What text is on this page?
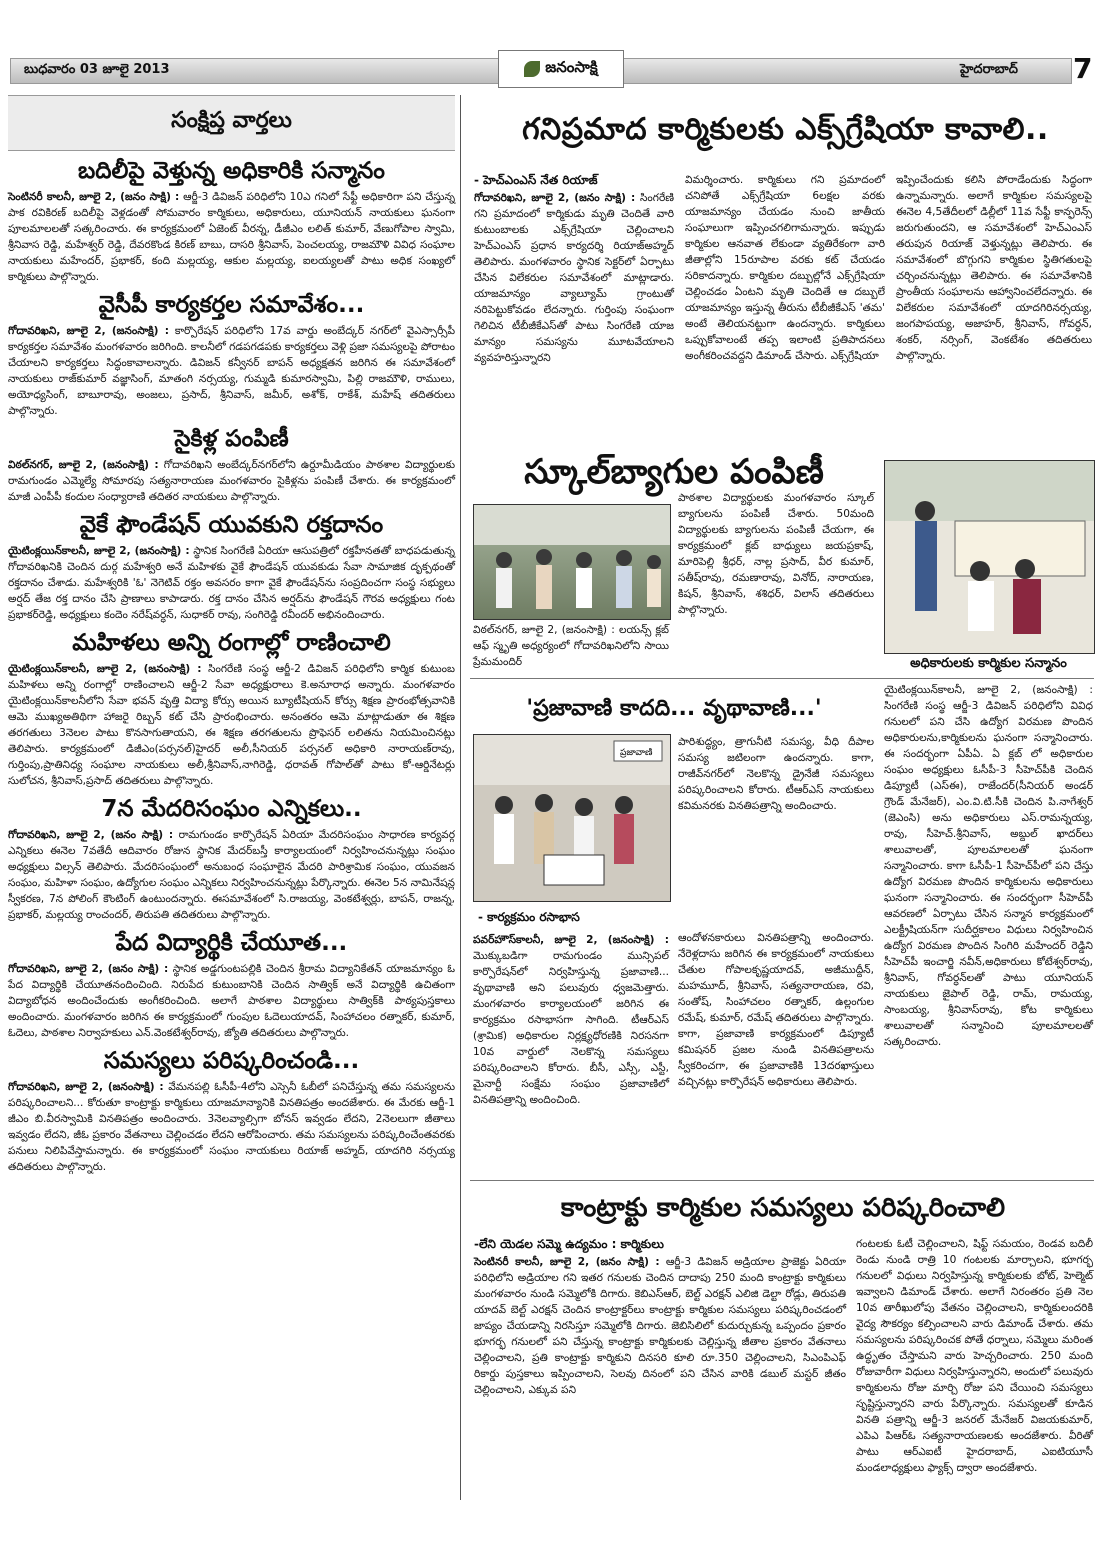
బుధవారం 03 జూలై 2013	జనంసాక్షి	హైదరాబాద్ 7
సంక్షిప్త వార్తలు
బదిలీపై వెళ్తున్న అధికారికి సన్మానం
సెంటినరీ కాలనీ, జూలై 2, (జనం సాక్షి) : ఆర్జీ-3 డివిజన్ పరిధిలోని 10ఎ గనిలో సేఫ్టీ అధికారిగా పని చేస్తున్న పాక రవికిరణ్ బదిలీపై వెళ్లడంతో సోమవారం కార్మికులు, అధికారులు, యూనియన్ నాయకులు ఘనంగా పూలమాలలతో సత్కరించారు. ఈ కార్యక్రమంలో ఏజెంట్ వీరన్న, డీజీఎం లలిత్ కుమార్, వేణుగోపాల స్వామి, శ్రీనివాస రెడ్డి, మహేశ్వర్ రెడ్డి, దేవరకొండ కిరణ్ బాబు, దాసరి శ్రీనివాస్, పెంచలయ్య, రాజమౌళి వివిధ సంఘాల నాయకులు మహేందర్, ప్రభాకర్, కంది మల్లయ్య, ఆకుల మల్లయ్య, ఐలయ్యలతో పాటు అధిక సంఖ్యలో కార్మికులు పాల్గొన్నారు.
వైసీపీ కార్యకర్తల సమావేశం...
గోదావరిఖని, జూలై 2, (జనంసాక్షి) : కార్పొరేషన్ పరిధిలోని 17వ వార్డు అంబేద్కర్ నగర్‌లో వైఎస్సార్సీపీ కార్యకర్తల సమావేశం మంగళవారం జరిగింది. కాలనీలో గడపగడపకు కార్యకర్తలు వెళ్లి ప్రజా సమస్యలపై పోరాటం చేయాలని కార్యకర్తలు సిద్ధంకావాలన్నారు. డివిజన్ కన్వీనర్ బాపన్ అధ్యక్షతన జరిగిన ఈ సమావేశంలో నాయకులు రాజ్‌కుమార్ వజ్ఞాసింగ్, మాతంగి నర్సయ్య, గుమ్మడి కుమారస్వామి, పిల్లి రాజమౌళి, రాములు, అయోధ్యసింగ్, బాబూరావు, అంజలు, ప్రసాద్, శ్రీనివాస్, జమీర్, అశోక్, రాకేశ్, మహేష్ తదితరులు పాల్గొన్నారు.
సైకిళ్ల పంపిణీ
విఠల్‌నగర్, జూలై 2, (జనంసాక్షి) : గోదావరిఖని అంబేద్కర్‌నగర్‌లోని ఉర్దూమీడియం పాఠశాల విద్యార్థులకు రామగుండం ఎమ్మెల్యే సోమారపు సత్యనారాయణ మంగళవారం సైకిళ్లను పంపిణీ చేశారు. ఈ కార్యక్రమంలో మాజీ ఎంపీపీ కందుల సంధ్యారాణి తదితర నాయకులు పాల్గొన్నారు.
వైకే ఫౌండేషన్ యువకుని రక్తదానం
యైటింక్లయిన్‌కాలనీ, జూలై 2, (జనంసాక్షి) : స్థానిక సింగరేణి ఏరియా ఆసుపత్రిలో రక్తహీనతతో బాధపడుతున్న గోదావరిఖనికి చెందిన దుర్గ మహేశ్వరి అనే మహిళకు వైకే ఫౌండేషన్ యువకుడు సేవా సామాజిక దృక్పథంతో రక్తదానం చేశాడు. మహేశ్వరికి 'ఓ' నెగెటివ్ రక్తం అవసరం కాగా వైకే ఫౌండేషన్‌ను సంప్రదించగా సంస్థ సభ్యులు అర్షద్ తేజ రక్త దానం చేసి ప్రాణాలు కాపాడారు. రక్త దానం చేసిన అర్షద్‌ను ఫౌండేషన్ గౌరవ అధ్యక్షులు గంట ప్రభాకర్‌రెడ్డి, అధ్యక్షులు కందెం నరేష్‌వర్ధన్, సుధాకర్ రావు, సంగిరెడ్డి రవీందర్ అభినందించారు.
మహిళలు అన్ని రంగాల్లో రాణించాలి
యైటింక్లయిన్‌కాలనీ, జూలై 2, (జనంసాక్షి) : సింగరేణి సంస్థ ఆర్జీ-2 డివిజన్ పరిధిలోని కార్మిక కుటుంబ మహిళలు అన్ని రంగాల్లో రాణించాలని ఆర్జీ-2 సేవా అధ్యక్షురాలు కె.అనూరాధ అన్నారు. మంగళవారం యైటింక్లయిన్‌కాలనీలోని సేవా భవన్ వృత్తి విద్యా కోర్సు అయిన బ్యూటీషియన్ కోర్సు శిక్షణ ప్రారంభోత్సవానికి ఆమె ముఖ్యఅతిథిగా హాజరై రిబ్బన్ కట్ చేసి ప్రారంభించారు. అనంతరం ఆమె మాట్లాడుతూ ఈ శిక్షణ తరగతులు 3నెలల పాటు కొనసాగుతాయని, ఈ శిక్షణ తరగతులను ప్రొఫెసర్ లలితను నియమించినట్లు తెలిపారు. కార్యక్రమంలో డిజీఎం(పర్సనల్)హైదర్ అలీ,సీనియర్ పర్సనల్ అధికారి నారాయణ్‌రావు, గుర్తింపు,ప్రాతినిధ్య సంఘాల నాయకులు అలీ,శ్రీనివాస్,నాగిరెడ్డి, ధరావత్ గోపాల్‌తో పాటు కో-ఆర్డినేటర్లు సులోచన, శ్రీనివాస్,ప్రసాద్ తదితరులు పాల్గొన్నారు.
7న మేదరిసంఘం ఎన్నికలు..
గోదావరిఖని, జూలై 2, (జనం సాక్షి) : రామగుండం కార్పొరేషన్ ఏరియా మేదరిసంఘం సాధారణ కార్యవర్గ ఎన్నికలు ఈనెల 7వతేదీ ఆదివారం రోజున స్థానిక మేదర్‌బస్తీ కార్యాలయంలో నిర్వహించనున్నట్లు సంఘం అధ్యక్షులు విల్సన్ తెలిపారు. మేదరిసంఘంలో అనుబంధ సంఘాలైన మేదరి పారిశ్రామిక సంఘం, యువజన సంఘం, మహిళా సంఘం, ఉద్యోగుల సంఘం ఎన్నికలు నిర్వహించనున్నట్లు పేర్కొన్నారు. ఈనెల 5న నామినేషన్ల స్వీకరణ, 7న పోలింగ్ కౌంటింగ్ ఉంటుందన్నారు. ఈసమావేశంలో సి.రాజయ్య, వెంకటేశ్వర్లు, బాపన్, రాజన్న, ప్రభాకర్, మల్లయ్య రాంచందర్, తిరుపతి తదితరులు పాల్గొన్నారు.
పేద విద్యార్థికి చేయూత...
గోదావరిఖని, జూలై 2, (జనం సాక్షి) : స్థానిక అడ్డగుంటపల్లికి చెందిన శ్రీరామ విద్యానికేతన్ యాజమాన్యం ఓ పేద విద్యార్థికి చేయూతనందించింది. నిరుపేద కుటుంబానికి చెందిన సాత్విక్ అనే విద్యార్థికి ఉచితంగా విద్యాబోధన అందించేందుకు అంగీకరించింది. అలాగే పాఠశాల విద్యార్థులు సాత్విక్‌కి పాఠ్యపుస్తకాలు అందించారు. మంగళవారం జరిగిన ఈ కార్యక్రమంలో గుంపుల ఓదెలుయాదవ్, సింహాచలం రత్నాకర్, కుమార్, ఓదెలు, పాఠశాల నిర్వాహకులు ఎన్.వెంకటేశ్వర్‌రావు, జ్యోతి తదితరులు పాల్గొన్నారు.
సమస్యలు పరిష్కరించండి...
గోదావరిఖని, జూలై 2, (జనంసాక్షి) : వేమనపల్లి ఓసీపీ-4లోని ఎస్సెనీ ఓబీలో పనిచేస్తున్న తమ సమస్యలను పరిష్కరించాలని... కోరుతూ కాంట్రాక్టు కార్మికులు యాజమాన్యానికి వినతిపత్రం అందజేశారు. ఈ మేరకు ఆర్జీ-1 జీఎం బి.వీరస్వామికి వినతిపత్రం అందించారు. 3నెలవ్యాల్సిగా బోనస్ ఇవ్వడం లేదని, 2నెలలుగా జీతాలు ఇవ్వడం లేదని, జీఓ ప్రకారం వేతనాలు చెల్లించడం లేదని ఆరోపించారు. తమ సమస్యలను పరిష్కరించేంతవరకు పనులు నిలిపివేస్తామన్నారు. ఈ కార్యక్రమంలో సంఘం నాయకులు రియాజ్ అహ్మద్, యాదగిరి నర్సయ్య తదితరులు పాల్గొన్నారు.
గనిప్రమాద కార్మికులకు ఎక్స్‌గ్రేషియా కావాలి..
- హెచ్ఎంఎస్ నేత రియాజ్
గోదావరిఖని, జూలై 2, (జనం సాక్షి) : సింగరేణి గని ప్రమాదంలో కార్మికుడు మృతి చెందితే వారి కుటుంబాలకు ఎక్స్‌గ్రేషియా చెల్లించాలని హెచ్ఎంఎస్ ప్రధాన కార్యదర్శి రియాజ్‌అహ్మద్ తెలిపారు. మంగళవారం స్థానిక సెక్టర్‌లో ఏర్పాటు చేసిన విలేకరుల సమావేశంలో మాట్లాడారు. యాజమాన్యం వ్యాల్యూమ్ గ్రాంటుతో నరిపెట్టుకోవడం లేదన్నారు. గుర్తింపు సంఘంగా గెలిచిన టీబీజీకేఎస్‌తో పాటు సింగరేణి యాజ మాన్యం సమస్యను మూటవేయాలని వ్యవహరిస్తున్నారని
విమర్శించారు. కార్మికులు గని ప్రమాదంలో చనిపోతే ఎక్స్‌గ్రేషియా 6లక్షల వరకు యాజమాన్యం చేయడం నుంచి జాతీయ సంఘాలుగా ఇప్పించగలిగామన్నారు. ఇప్పుడు కార్మికుల ఆనవాత లేకుండా వ్యతిరేకంగా వారి జీతాల్లోని 15రూపాల వరకు కట్ చేయడం సరికాదన్నారు. కార్మికుల దబ్బుల్లోనే ఎక్స్‌గ్రేషియా చెల్లించడం ఏంటని మృతి చెందితే ఆ దబ్బులే యాజమాన్యం ఇస్తున్న తీరును టీబీజీకేఎస్ 'తమ' అంటే తెలియనట్టుగా ఉందన్నారు. కార్మికులు ఒప్పుకోవాలంటే తప్ప ఇలాంటి ప్రతిపాదనలు అంగీకరించవద్దని డిమాండ్ చేసారు. ఎక్స్‌గ్రేషియా
ఇప్పించేందుకు కలిసి పోరాడేందుకు సిద్ధంగా ఉన్నామన్నారు. అలాగే కార్మికుల సమస్యలపై ఈనెల 4,5తేదీలలో డిల్లీలో 11వ సేఫ్టీ కాన్ఫరెన్స్ జరుగుతుందని, ఆ సమావేశంలో హెచ్ఎంఎస్ తరుపున రియాజ్ వెళ్తున్నట్లు తెలిపారు. ఈ సమావేశంలో బొగ్గుగని కార్మికుల స్థితిగతులపై చర్చించనున్నట్లు తెలిపారు. ఈ సమావేశానికి ప్రాంతీయ సంఘాలను ఆహ్వానించలేదన్నారు. ఈ విలేకరుల సమావేశంలో యాదగిరినర్సయ్య, జంగపాపయ్య, అజాహర్, శ్రీనివాస్, గోవర్ధన్, శంకర్, నర్సింగ్, వెంకటేశం తదితరులు పాల్గొన్నారు.
స్కూల్‌బ్యాగుల పంపిణీ
విఠల్‌నగర్, జూలై 2, (జనంసాక్షి) : లయన్స్ క్లబ్ ఆఫ్ స్మృతి అధ్యర్యంలో గోదావరిఖనిలోని సాయి ప్రేమమందిర్
పాఠశాల విద్యార్థులకు మంగళవారం స్కూల్ బ్యాగులను పంపిణీ చేశారు. 50మంది విద్యార్థులకు బ్యాగులను పంపిణీ చేయగా, ఈ కార్యక్రమంలో క్లబ్ బాధ్యులు జయప్రకాష్, మారిపెల్లి శ్రీధర్, నాల్ల ప్రసాద్, వీర కుమార్, సతీష్‌రావు, రమణారావు, వినోద్, నారాయణ, కిషన్, శ్రీనివాస్, శశిధర్, విలాస్ తదితరులు పాల్గొన్నారు.
అధికారులకు కార్మికుల సన్మానం
'ప్రజావాణి కాదది... వృథావాణి...'
ప్రజావాణి
పారిశుద్ధ్యం, త్రాగునీటి సమస్య, వీధి దీపాల సమస్య జటిలంగా ఉందన్నారు. కాగా, రాజీవ్‌నగర్‌లో నెలకొన్న డ్రైనేజీ సమస్యలు పరిష్కరించాలని కోరారు. టీఆర్ఎస్ నాయకులు కవిమనరకు వినతిపత్రాన్ని అందించారు.
- కార్యక్రమం రసాభాస
పవర్‌హౌస్‌కాలనీ, జూలై 2, (జనంసాక్షి) : మొక్కుబడిగా రామగుండం మున్సిపల్ కార్పొరేషన్‌లో నిర్వహిస్తున్న ప్రజావాణి... వృథావాణి అని పలువురు ధ్వజమెత్తారు. మంగళవారం కార్యాలయంలో జరిగిన ఈ కార్యక్రమం రసాభాసగా సాగింది. టీఆర్ఎస్ (శ్రామిక) అధికారుల నిర్లక్ష్యధోరణికి నిరసనగా 10వ వార్డులో నెలకొన్న సమస్యలు పరిష్కరించాలని కోరారు. బీసీ, ఎస్సీ, ఎస్టీ, మైనార్టీ సంక్షేమ సంఘం ప్రజావాణిలో వినతిపత్రాన్ని అందించింది.
ఆందోళనకారులు వినతిపత్రాన్ని అందించారు. నేరెళ్లదాసు జరిగిన ఈ కార్యక్రమంలో నాయకులు చేతుల గోపాలకృష్ణయాదవ్, అజీముద్దీన్, మహమూద్, శ్రీనివాస్, సత్యనారాయణ, రవి, సంతోష్, సింహాచలం రత్నాకర్, ఉల్లంగుల రమేష్, కుమార్, రమేష్ తదితరులు పాల్గొన్నారు. కాగా, ప్రజావాణి కార్యక్రమంలో డిప్యూటీ కమిషనర్ ప్రజల నుండి వినతిపత్రాలను స్వీకరించగా, ఈ ప్రజావాణికి 13దరఖాస్తులు వచ్చినట్లు కార్పొరేషన్ అధికారులు తెలిపారు.
యైటింక్లయిన్‌కాలనీ, జూలై 2, (జనంసాక్షి) : సింగరేణి సంస్థ ఆర్జీ-3 డివిజన్ పరిధిలోని వివిధ గనులలో పని చేసి ఉద్యోగ విరమణ పొందిన అధికారులను,కార్మికులను ఘనంగా సన్మానించారు. ఈ సందర్భంగా ఏపీఏ. ఏ క్లబ్ లో అధికారుల సంఘం అధ్యక్షులు ఓసీపీ-3 సీహెచ్‌పీకి చెందిన డిప్యూటీ (ఎస్ఈ), రాజేందర్(సీనియర్ అండర్ గ్రౌండ్ మేనేజర్), ఎం.వి.టి.సీకి చెందిన పి.నాగేశ్వర్ (జెఎంసి) అను అధికారులు ఎస్.రామన్నయ్య, రావు, సీహెచ్.శ్రీనివాస్, అబ్దుల్ ఖాదర్‌లు శాలువాలతో, పూలమాలలతో ఘనంగా సన్మానించారు. కాగా ఓసీపీ-1 సీహెచ్‌పీలో పని చేస్తు ఉద్యోగ విరమణ పొందిన కార్మికులను అధికారులు ఘనంగా సన్మానించారు. ఈ సందర్భంగా సీహెచ్‌పీ ఆవరణలో ఏర్పాటు చేసిన సన్మాన కార్యక్రమంలో ఎలక్ట్రీషియన్‌గా సుదీర్ఘకాలం విధులు నిర్వహించిన ఉద్యోగ విరమణ పొందిన సింగిరి మహేందర్ రెడ్డిని సీహెచ్‌పీ ఇంచార్జి నవీన్,అధికారులు కోటేశ్వర్‌రావు, శ్రీనివాస్, గోవర్ధన్‌లతో పాటు యూనియన్ నాయకులు జైపాల్ రెడ్డి, రామ్, రామయ్య, సాంబయ్య, శ్రీనివాస్‌రావు, కోట కార్మికులు శాలువాలతో సన్మానించి పూలమాలలతో సత్కరించారు.
కాంట్రాక్టు కార్మికుల సమస్యలు పరిష్కరించాలి
-లేని యెడల సమ్మె ఉద్యమం : కార్మికులు
సెంటినరీ కాలనీ, జూలై 2, (జనం సాక్షి) : ఆర్జీ-3 డివిజన్ అడ్రియాల ప్రాజెక్టు ఏరియా పరిధిలోని అడ్రియాల గని ఇతర గనులకు చెందిన దాదాపు 250 మంది కాంట్రాక్టు కార్మికులు మంగళవారం నుండి సమ్మెలోకి దిగారు. కెబిఎస్ఆర్, బెల్ట్ ఎరక్షన్ ఎలిజి డెల్టా రోడ్లు, తిరుపతి యాదవ్ బెల్ట్ ఎరక్షన్ చెందిన కాంట్రాక్టర్‌లు కాంట్రాక్టు కార్మికుల సమస్యలు పరిష్కరించడంలో జాప్యం చేయడాన్ని నిరసిస్తూ సమ్మెలోకి దిగారు. జెబిసిలిలో కుదుర్చుకున్న ఒప్పందం ప్రకారం భూగర్భ గనులలో పని చేస్తున్న కాంట్రాక్టు కార్మికులకు చెల్లిస్తున్న జీతాల ప్రకారం వేతనాలు చెల్లించాలని, ప్రతి కాంట్రాక్టు కార్మికుని దినసరి కూలి రూ.350 చెల్లించాలని, సిఎంపిఎఫ్ రికార్డు పుస్తకాలు ఇప్పించాలని, సెలవు దినంలో పని చేసిన వారికి డబుల్ మస్టర్ జీతం చెల్లించాలని, ఎక్కువ పని
గంటలకు ఓటీ చెల్లించాలని, షిఫ్ట్ సమయం, రెండవ బదిలీ రెండు నుండి రాత్రి 10 గంటలకు మార్చాలని, భూగర్భ గనులలో విధులు నిర్వహిస్తున్న కార్మికులకు బోట్, హెల్మెట్ ఇవ్వాలని డిమాండ్ చేశారు. అలాగే నిరంతరం ప్రతి నెల 10వ తారీఖులోపు వేతనం చెల్లించాలని, కార్మికులందరికి వైద్య సౌకర్యం కల్పించాలని వారు డిమాండ్ చేశారు. తమ సమస్యలను పరిష్కరించక పోతే ధర్నాలు, సమ్మెలు మరింత ఉద్ధృతం చేస్తామని వారు హెచ్చరించారు. 250 మంది రోజువారీగా విధులు నిర్వహిస్తున్నారని, అందులో పలువురు కార్మికులను రోజు మార్చి రోజు పని చేయించి సమస్యలు సృష్టిస్తున్నారని వారు పేర్కొన్నారు. సమస్యలతో కూడిన వినతి పత్రాన్ని ఆర్జీ-3 జనరల్ మేనేజర్ విజయకుమార్, ఎపిఎ పిఆర్‌ఓ సత్యనారాయణలకు అందజేశారు. వీరితో పాటు ఆర్‌ఎఐటీ హైదరాబాద్, ఎఐటియూసీ మండలాధ్యక్షులు ఫ్యాక్స్ ద్వారా అందజేశారు.
